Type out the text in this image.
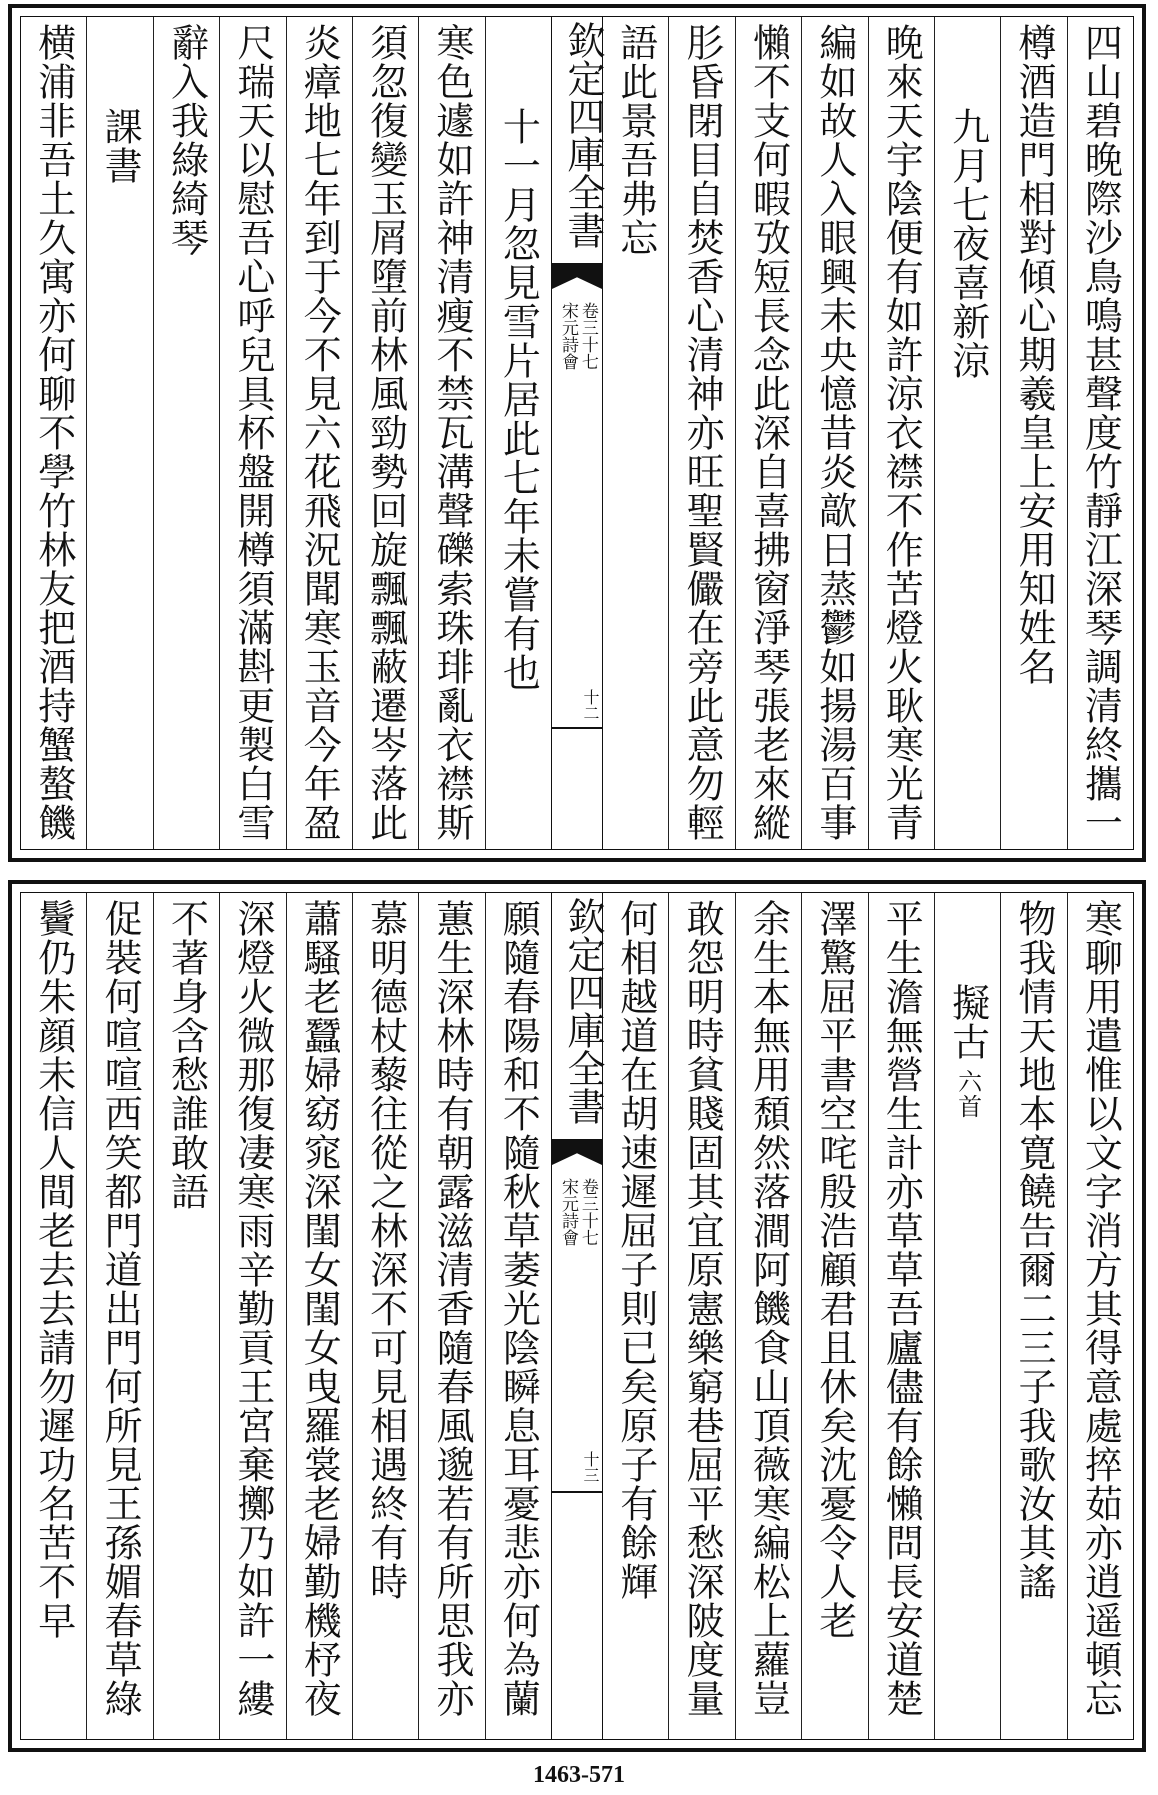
四山碧晚際沙鳥鳴甚聲度竹靜江深琴調清終攜一
樽酒造門相對傾心期羲皇上安用知姓名
九月七夜喜新涼
晚來天宇陰便有如許涼衣襟不作苦燈火耿寒光青
編如故人入眼興未央憶昔炎歊日蒸鬱如揚湯百事
懶不支何暇攷短長念此深自喜拂窗淨琴張老來縱
肜昏閉目自焚香心清神亦旺聖賢儼在旁此意勿輕
語此景吾弗忘
欽定四庫全書
宋元詩會 卷三十七
十二
十一月忽見雪片居此七年未嘗有也
寒色遽如許神清瘦不禁瓦溝聲礫索珠琲亂衣襟斯
須忽復變玉屑墮前林風勁勢回旋飄飄蔽遷岑落此
炎瘴地七年到于今不見六花飛況聞寒玉音今年盈
尺瑞天以慰吾心呼兒具杯盤開樽須滿斟更製白雪
辭入我綠綺琴
課書
横浦非吾土久寓亦何聊不學竹林友把酒持蟹螯饑
寒聊用遣惟以文字消方其得意處捽茹亦逍遥頓忘
物我情天地本寛饒告爾二三子我歌汝其謠
擬古
六首
平生澹無營生計亦草草吾廬儘有餘懶問長安道楚
澤驚屈平書空咤殷浩顧君且休矣沈憂令人老
余生本無用頹然落澗阿饑食山頂薇寒編松上蘿豈
敢怨明時貧賤固其宜原憲樂窮巷屈平愁深陂度量
何相越道在胡速遲屈子則已矣原子有餘輝
欽定四庫全書
宋元詩會 卷三十七
十三
願隨春陽和不隨秋草萎光陰瞬息耳憂悲亦何為蘭
蕙生深林時有朝露滋清香隨春風邈若有所思我亦
慕明德杖藜往從之林深不可見相遇終有時
蕭騷老蠶婦窈窕深閨女閨女曳羅裳老婦勤機杼夜
深燈火微那復凄寒雨辛勤貢王宮棄擲乃如許一縷
不著身含愁誰敢語
促裝何喧喧西笑都門道出門何所見王孫媚春草綠
鬢仍朱顔未信人間老去去請勿遲功名苦不早
1463-571
